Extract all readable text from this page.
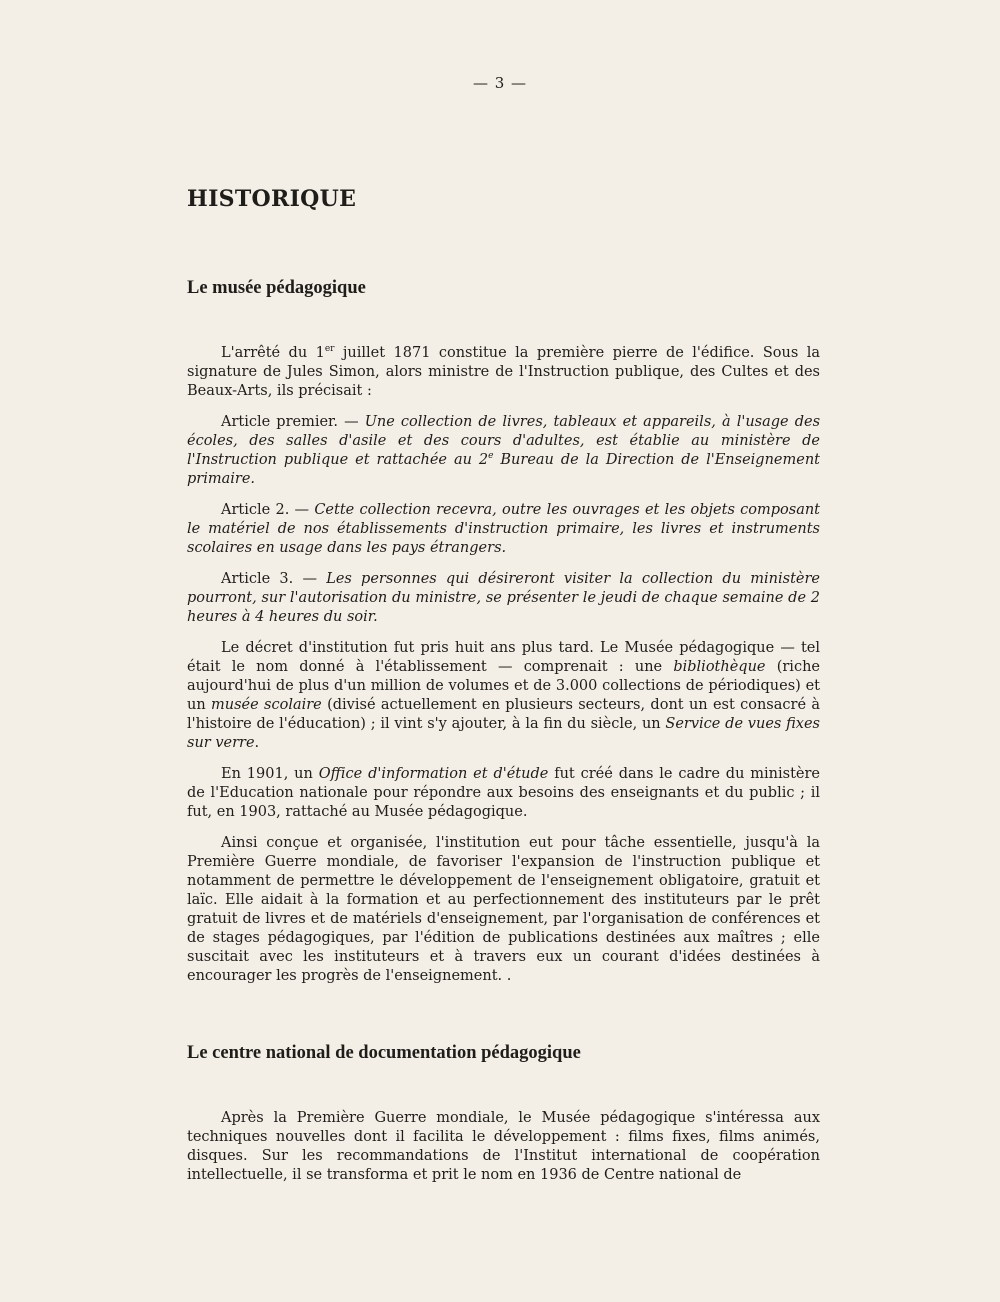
— 3 —
HISTORIQUE
Le musée pédagogique

L'arrêté du 1er juillet 1871 constitue la première pierre de l'édifice. Sous la signature de Jules Simon, alors ministre de l'Instruction publique, des Cultes et des Beaux-Arts, ils précisait :

Article premier. — Une collection de livres, tableaux et appareils, à l'usage des écoles, des salles d'asile et des cours d'adultes, est établie au ministère de l'Instruction publique et rattachée au 2e Bureau de la Direction de l'Enseignement primaire.

Article 2. — Cette collection recevra, outre les ouvrages et les objets composant le matériel de nos établissements d'instruction primaire, les livres et instruments scolaires en usage dans les pays étrangers.

Article 3. — Les personnes qui désireront visiter la collection du ministère pourront, sur l'autorisation du ministre, se présenter le jeudi de chaque semaine de 2 heures à 4 heures du soir.

Le décret d'institution fut pris huit ans plus tard. Le Musée pédagogique — tel était le nom donné à l'établissement — comprenait : une bibliothèque (riche aujourd'hui de plus d'un million de volumes et de 3.000 collections de périodiques) et un musée scolaire (divisé actuellement en plusieurs secteurs, dont un est consacré à l'histoire de l'éducation) ; il vint s'y ajouter, à la fin du siècle, un Service de vues fixes sur verre.

En 1901, un Office d'information et d'étude fut créé dans le cadre du ministère de l'Education nationale pour répondre aux besoins des enseignants et du public ; il fut, en 1903, rattaché au Musée pédagogique.

Ainsi conçue et organisée, l'institution eut pour tâche essentielle, jusqu'à la Première Guerre mondiale, de favoriser l'expansion de l'instruction publique et notamment de permettre le développement de l'enseignement obligatoire, gratuit et laïc. Elle aidait à la formation et au perfectionnement des instituteurs par le prêt gratuit de livres et de matériels d'enseignement, par l'organisation de conférences et de stages pédagogiques, par l'édition de publications destinées aux maîtres ; elle suscitait avec les instituteurs et à travers eux un courant d'idées destinées à encourager les progrès de l'enseignement. .

Le centre national de documentation pédagogique

Après la Première Guerre mondiale, le Musée pédagogique s'intéressa aux techniques nouvelles dont il facilita le développement : films fixes, films animés, disques. Sur les recommandations de l'Institut international de coopération intellectuelle, il se transforma et prit le nom en 1936 de Centre national de
